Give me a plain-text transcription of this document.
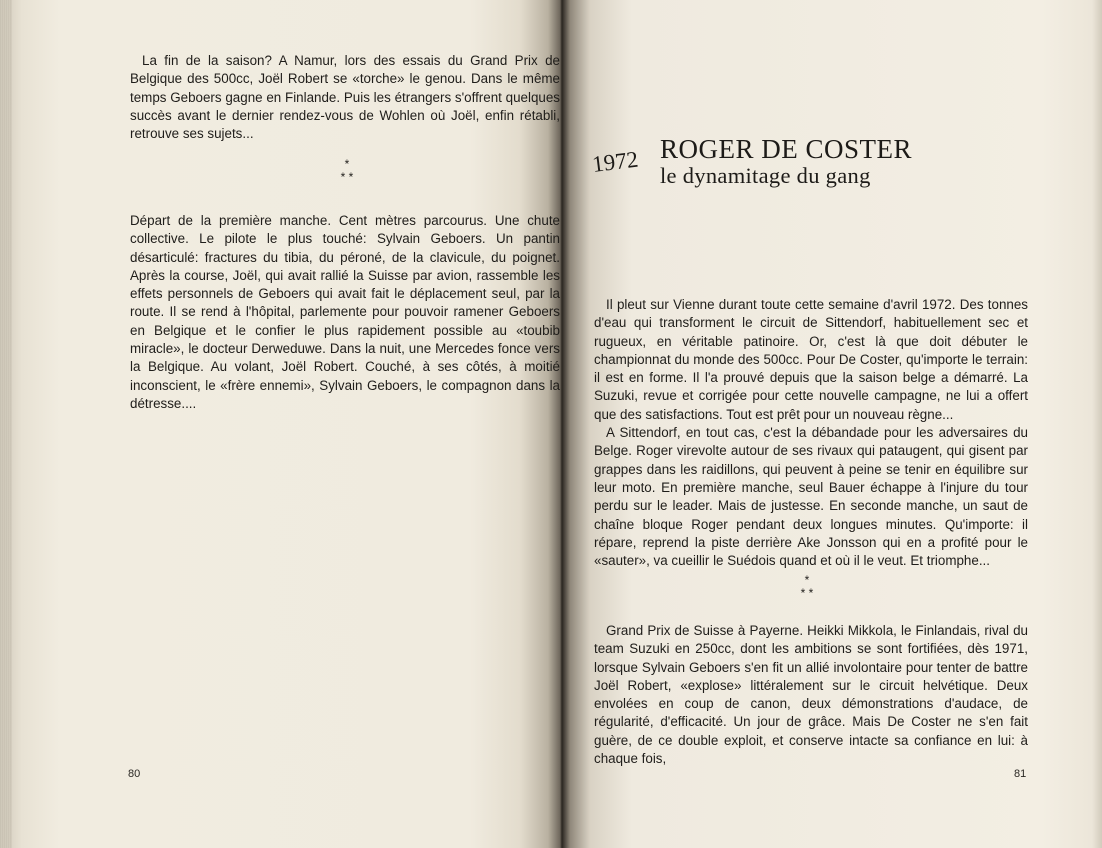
La fin de la saison? A Namur, lors des essais du Grand Prix de Belgique des 500cc, Joël Robert se «torche» le genou. Dans le même temps Geboers gagne en Finlande. Puis les étrangers s'offrent quelques succès avant le dernier rendez-vous de Wohlen où Joël, enfin rétabli, retrouve ses sujets...

*
* *

Départ de la première manche. Cent mètres parcourus. Une chute collective. Le pilote le plus touché: Sylvain Geboers. Un pantin désarticulé: fractures du tibia, du péroné, de la clavicule, du poignet. Après la course, Joël, qui avait rallié la Suisse par avion, rassemble les effets personnels de Geboers qui avait fait le déplacement seul, par la route. Il se rend à l'hôpital, parlemente pour pouvoir ramener Geboers en Belgique et le confier le plus rapidement possible au «toubib miracle», le docteur Derweduwe. Dans la nuit, une Mercedes fonce vers la Belgique. Au volant, Joël Robert. Couché, à ses côtés, à moitié inconscient, le «frère ennemi», Sylvain Geboers, le compagnon dans la détresse....

80
1972 ROGER DE COSTER
le dynamitage du gang

Il pleut sur Vienne durant toute cette semaine d'avril 1972. Des tonnes d'eau qui transforment le circuit de Sittendorf, habituellement sec et rugueux, en véritable patinoire. Or, c'est là que doit débuter le championnat du monde des 500cc. Pour De Coster, qu'importe le terrain: il est en forme. Il l'a prouvé depuis que la saison belge a démarré. La Suzuki, revue et corrigée pour cette nouvelle campagne, ne lui a offert que des satisfactions. Tout est prêt pour un nouveau règne...

A Sittendorf, en tout cas, c'est la débandade pour les adversaires du Belge. Roger virevolte autour de ses rivaux qui pataugent, qui gisent par grappes dans les raidillons, qui peuvent à peine se tenir en équilibre sur leur moto. En première manche, seul Bauer échappe à l'injure du tour perdu sur le leader. Mais de justesse. En seconde manche, un saut de chaîne bloque Roger pendant deux longues minutes. Qu'importe: il répare, reprend la piste derrière Ake Jonsson qui en a profité pour le «sauter», va cueillir le Suédois quand et où il le veut. Et triomphe...

*
* *

Grand Prix de Suisse à Payerne. Heikki Mikkola, le Finlandais, rival du team Suzuki en 250cc, dont les ambitions se sont fortifiées, dès 1971, lorsque Sylvain Geboers s'en fit un allié involontaire pour tenter de battre Joël Robert, «explose» littéralement sur le circuit helvétique. Deux envolées en coup de canon, deux démonstrations d'audace, de régularité, d'efficacité. Un jour de grâce. Mais De Coster ne s'en fait guère, de ce double exploit, et conserve intacte sa confiance en lui: à chaque fois,

81
